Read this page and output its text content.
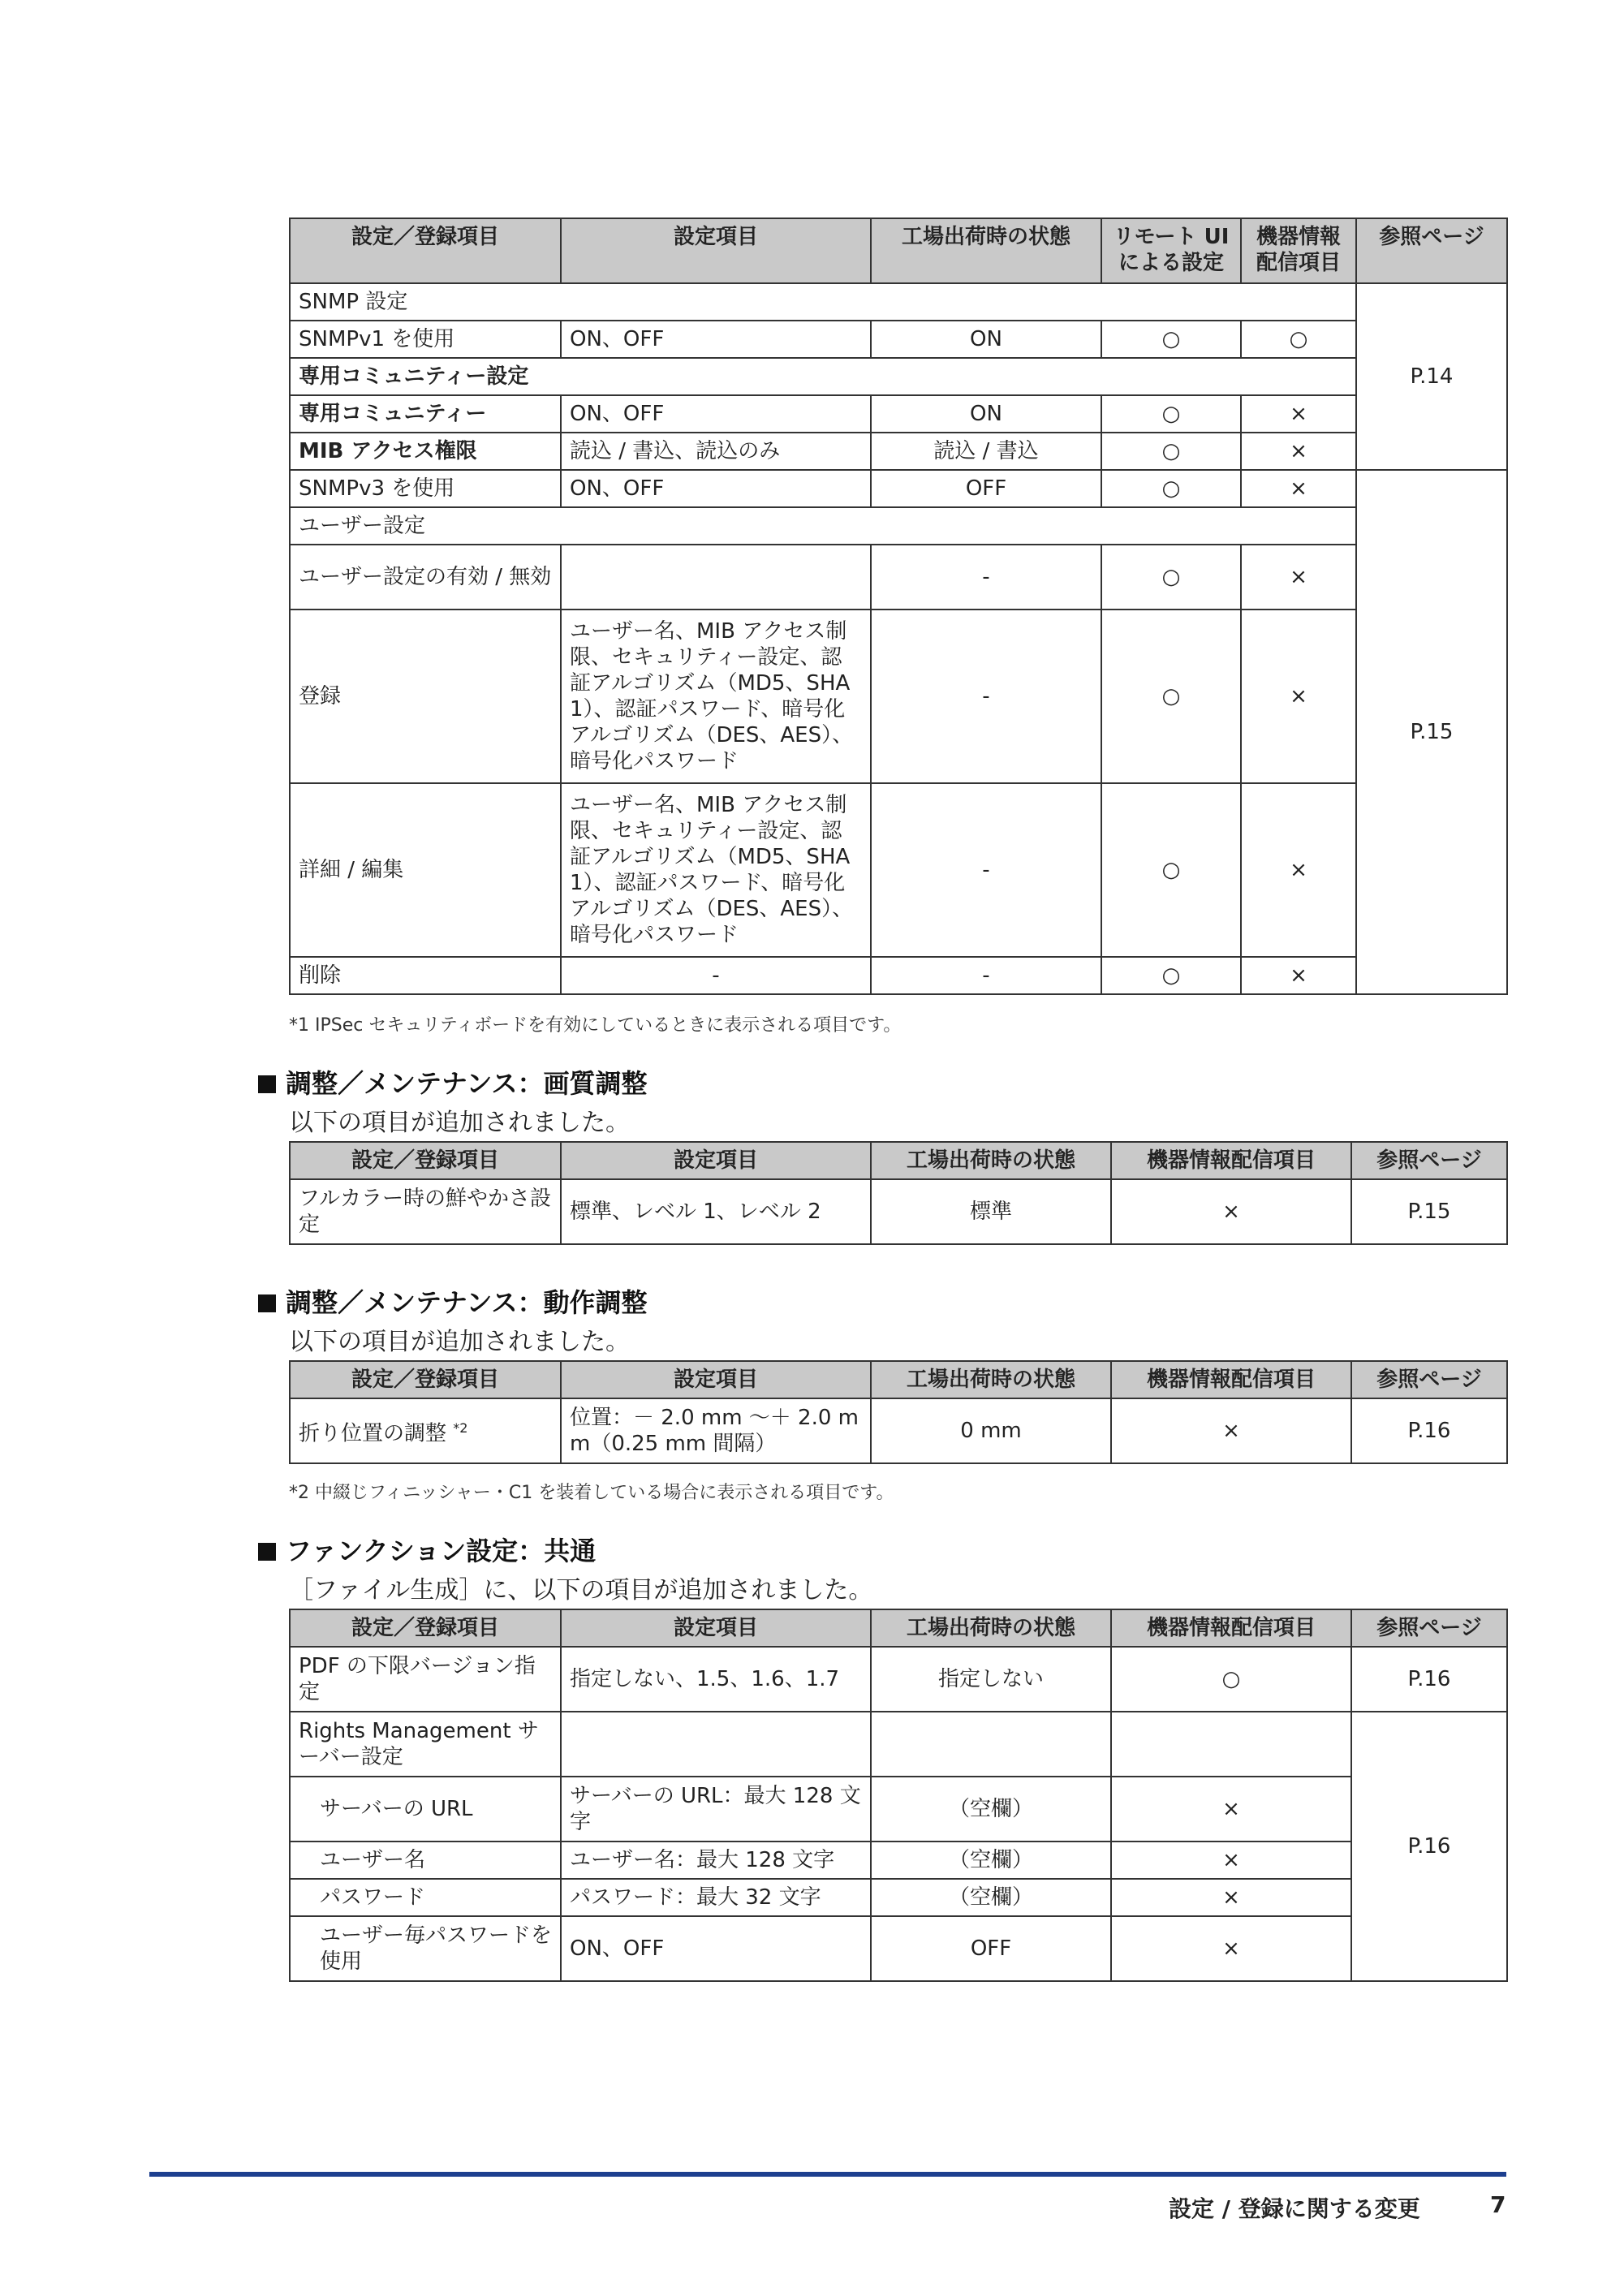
設定／登録項目	設定項目	工場出荷時の状態	リモート UI による設定	機器情報配信項目	参照ページ
SNMP 設定					P.14
SNMPv1 を使用	ON、OFF	ON	○	○	
専用コミュニティー設定					
専用コミュニティー	ON、OFF	ON	○	×	
MIB アクセス権限	読込 / 書込、読込のみ	読込 / 書込	○	×	
SNMPv3 を使用	ON、OFF	OFF	○	×	P.15
ユーザー設定					
ユーザー設定の有効 / 無効		-	○	×	
登録	ユーザー名、MIB アクセス制限、セキュリティー設定、認証アルゴリズム（MD5、SHA1）、認証パスワード、暗号化アルゴリズム（DES、AES）、暗号化パスワード	-	○	×	
詳細 / 編集	ユーザー名、MIB アクセス制限、セキュリティー設定、認証アルゴリズム（MD5、SHA1）、認証パスワード、暗号化アルゴリズム（DES、AES）、暗号化パスワード	-	○	×	
削除	-	-	○	×	
*1 IPSec セキュリティボードを有効にしているときに表示される項目です。
調整／メンテナンス：画質調整
以下の項目が追加されました。
設定／登録項目	設定項目	工場出荷時の状態	機器情報配信項目	参照ページ
フルカラー時の鮮やかさ設定	標準、レベル 1、レベル 2	標準	×	P.15
調整／メンテナンス：動作調整
以下の項目が追加されました。
設定／登録項目	設定項目	工場出荷時の状態	機器情報配信項目	参照ページ
折り位置の調整 $^{*2}$	位置：－ 2.0 mm ～＋ 2.0 mm（0.25 mm 間隔）	0 mm	×	P.16
*2 中綴じフィニッシャー・C1 を装着している場合に表示される項目です。
ファンクション設定：共通
［ファイル生成］に、以下の項目が追加されました。
設定／登録項目	設定項目	工場出荷時の状態	機器情報配信項目	参照ページ
PDF の下限バージョン指定	指定しない、1.5、1.6、1.7	指定しない	○	P.16
Rights Management サーバー設定				P.16
サーバーの URL	サーバーの URL：最大 128 文字	（空欄）	×	
ユーザー名	ユーザー名：最大 128 文字	（空欄）	×	
パスワード	パスワード：最大 32 文字	（空欄）	×	
ユーザー毎パスワードを使用	ON、OFF	OFF	×	
設定 / 登録に関する変更	7
